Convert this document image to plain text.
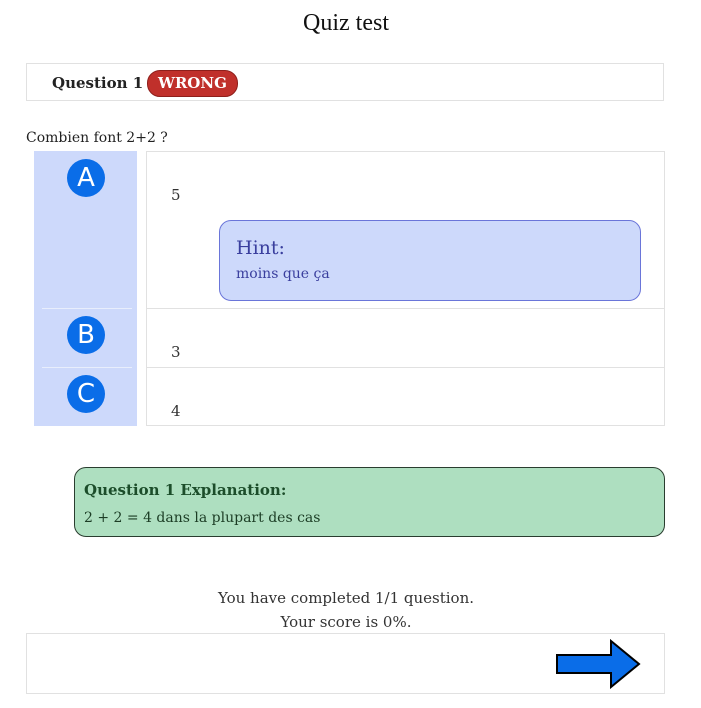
Quiz test
Question 1 WRONG
Combien font 2+2 ?
A
B
C
5
Hint:
moins que ça
3
4
Question 1 Explanation:
2 + 2 = 4 dans la plupart des cas
You have completed 1/1 question.
Your score is 0%.
